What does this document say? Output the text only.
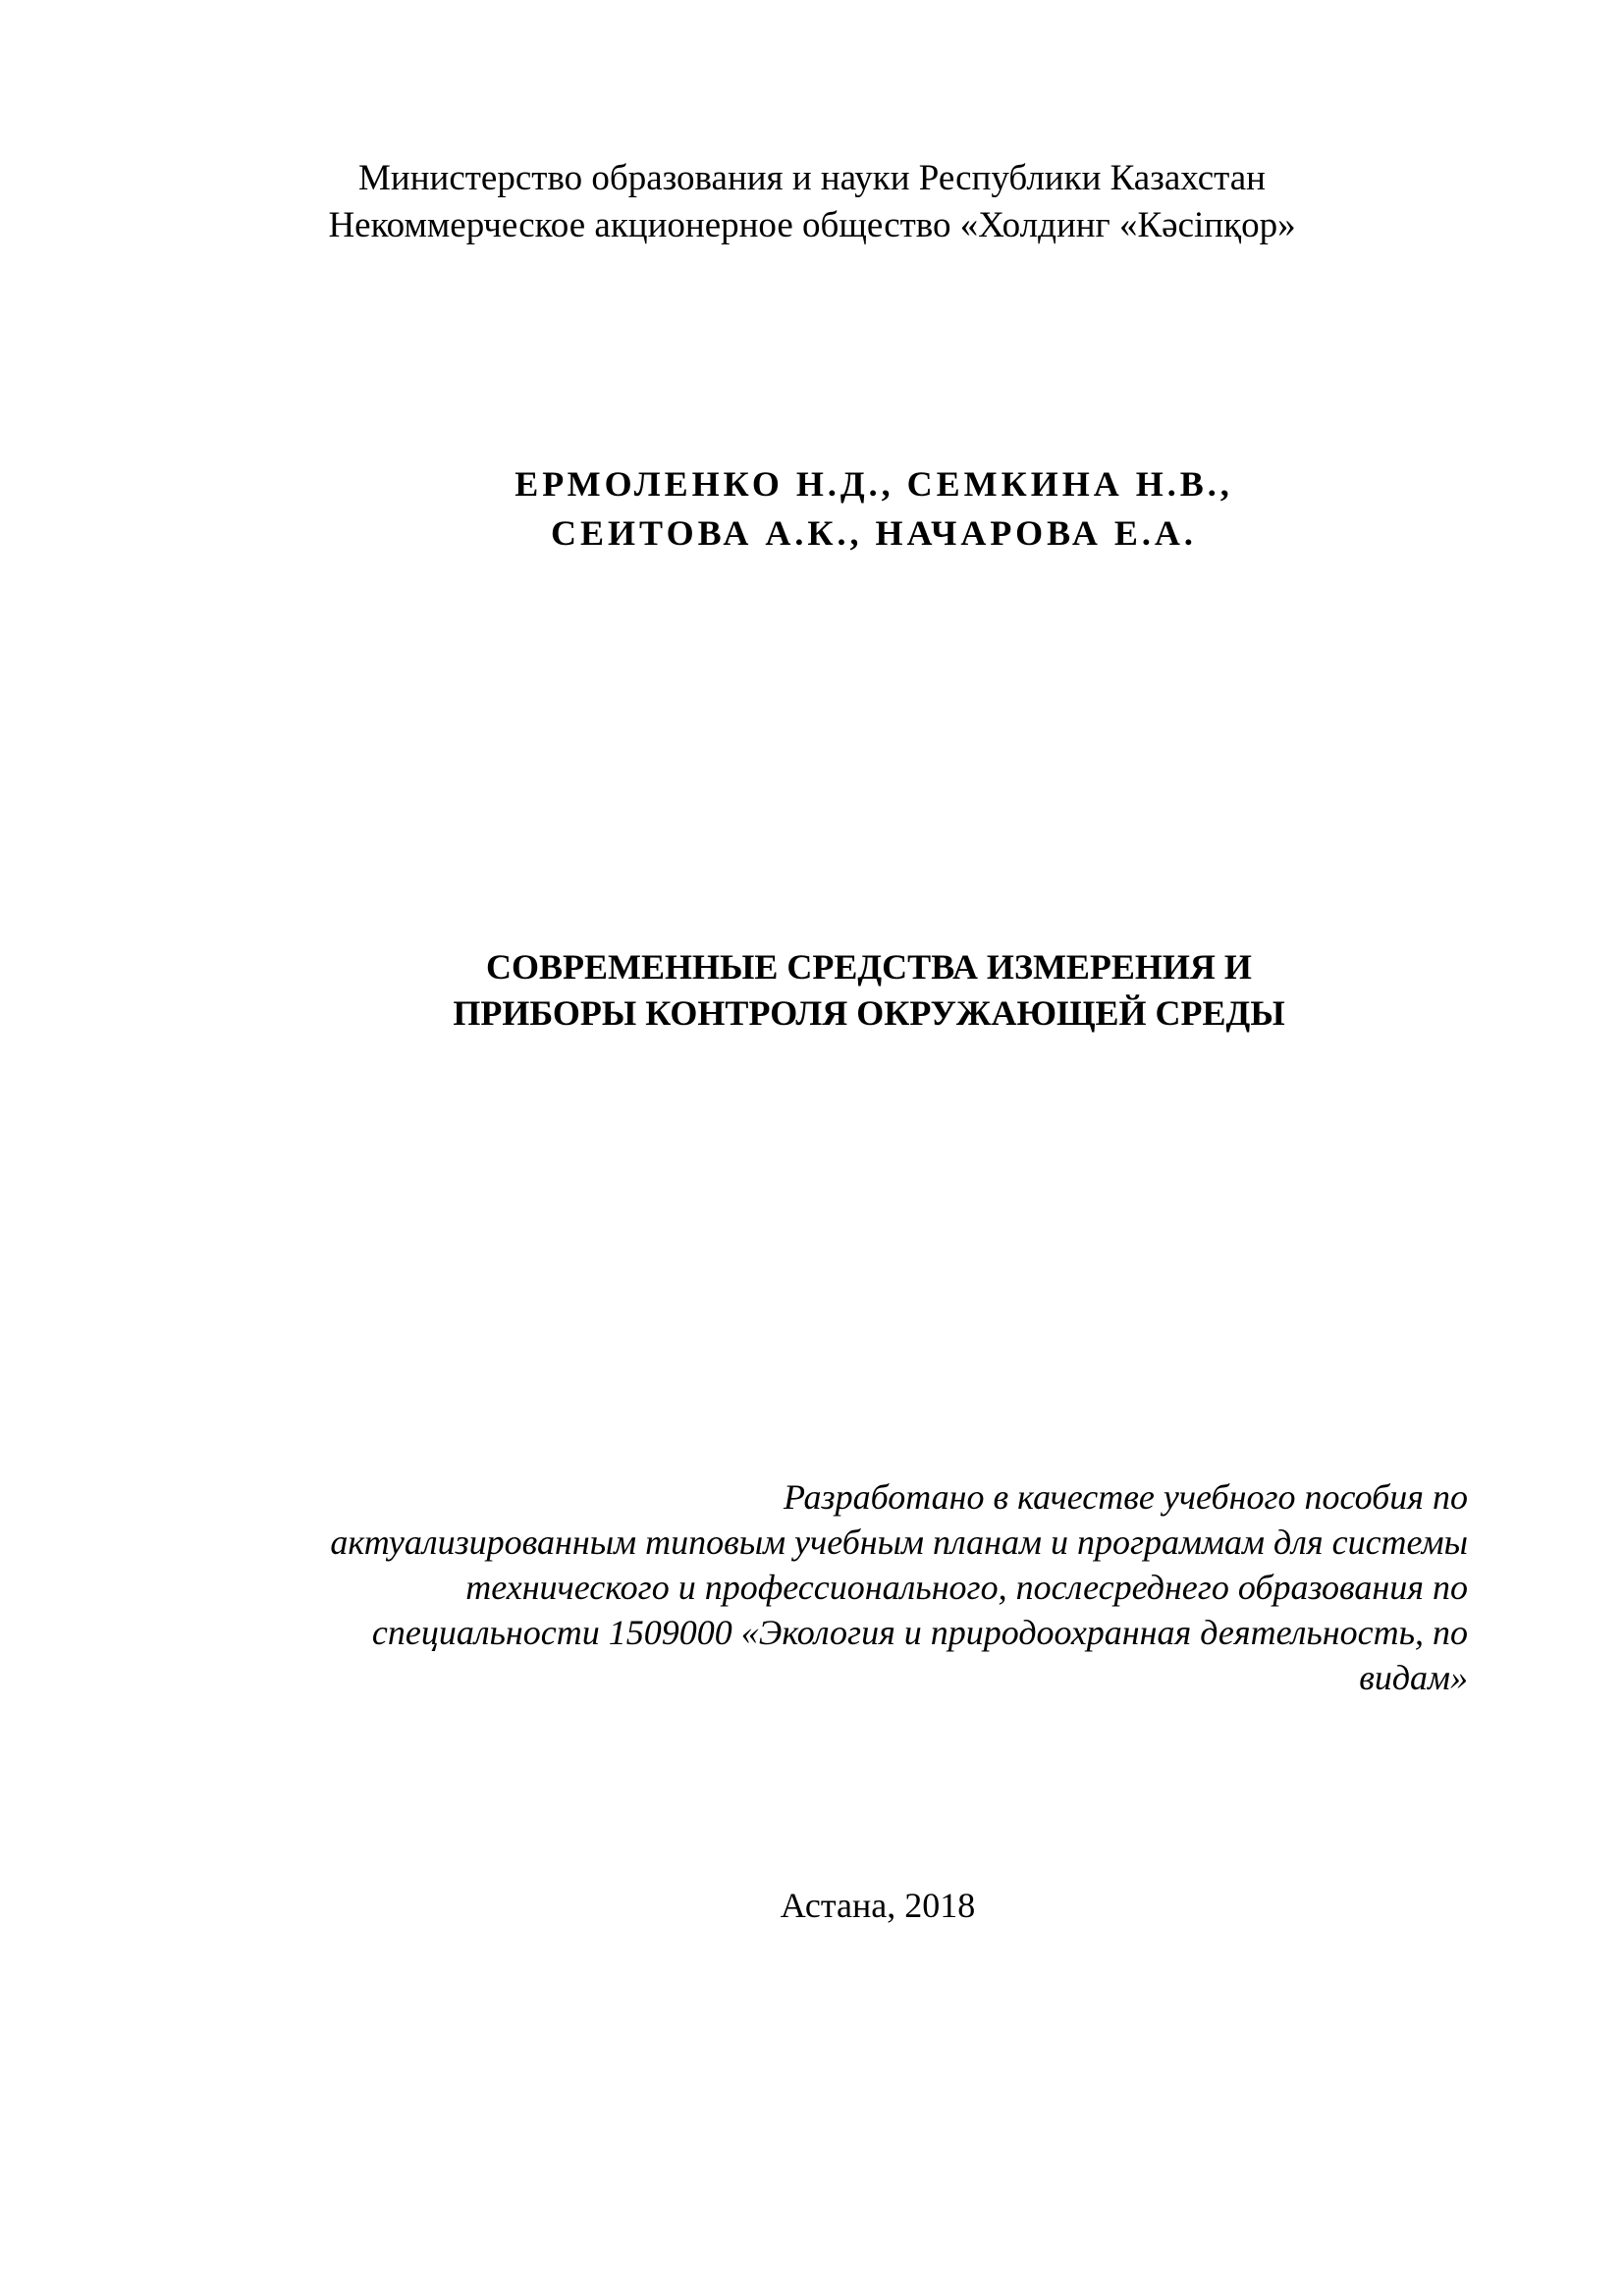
Министерство образования и науки Республики Казахстан
Некоммерческое акционерное общество «Холдинг «Кәсіпқор»
ЕРМОЛЕНКО Н.Д., СЕМКИНА Н.В.,
СЕИТОВА А.К., НАЧАРОВА Е.А.
СОВРЕМЕННЫЕ СРЕДСТВА ИЗМЕРЕНИЯ И
ПРИБОРЫ КОНТРОЛЯ ОКРУЖАЮЩЕЙ СРЕДЫ
Разработано в качестве учебного пособия по
актуализированным типовым учебным планам и программам для системы
технического и профессионального, послесреднего образования по
специальности 1509000 «Экология и природоохранная деятельность, по
видам»
Астана, 2018
